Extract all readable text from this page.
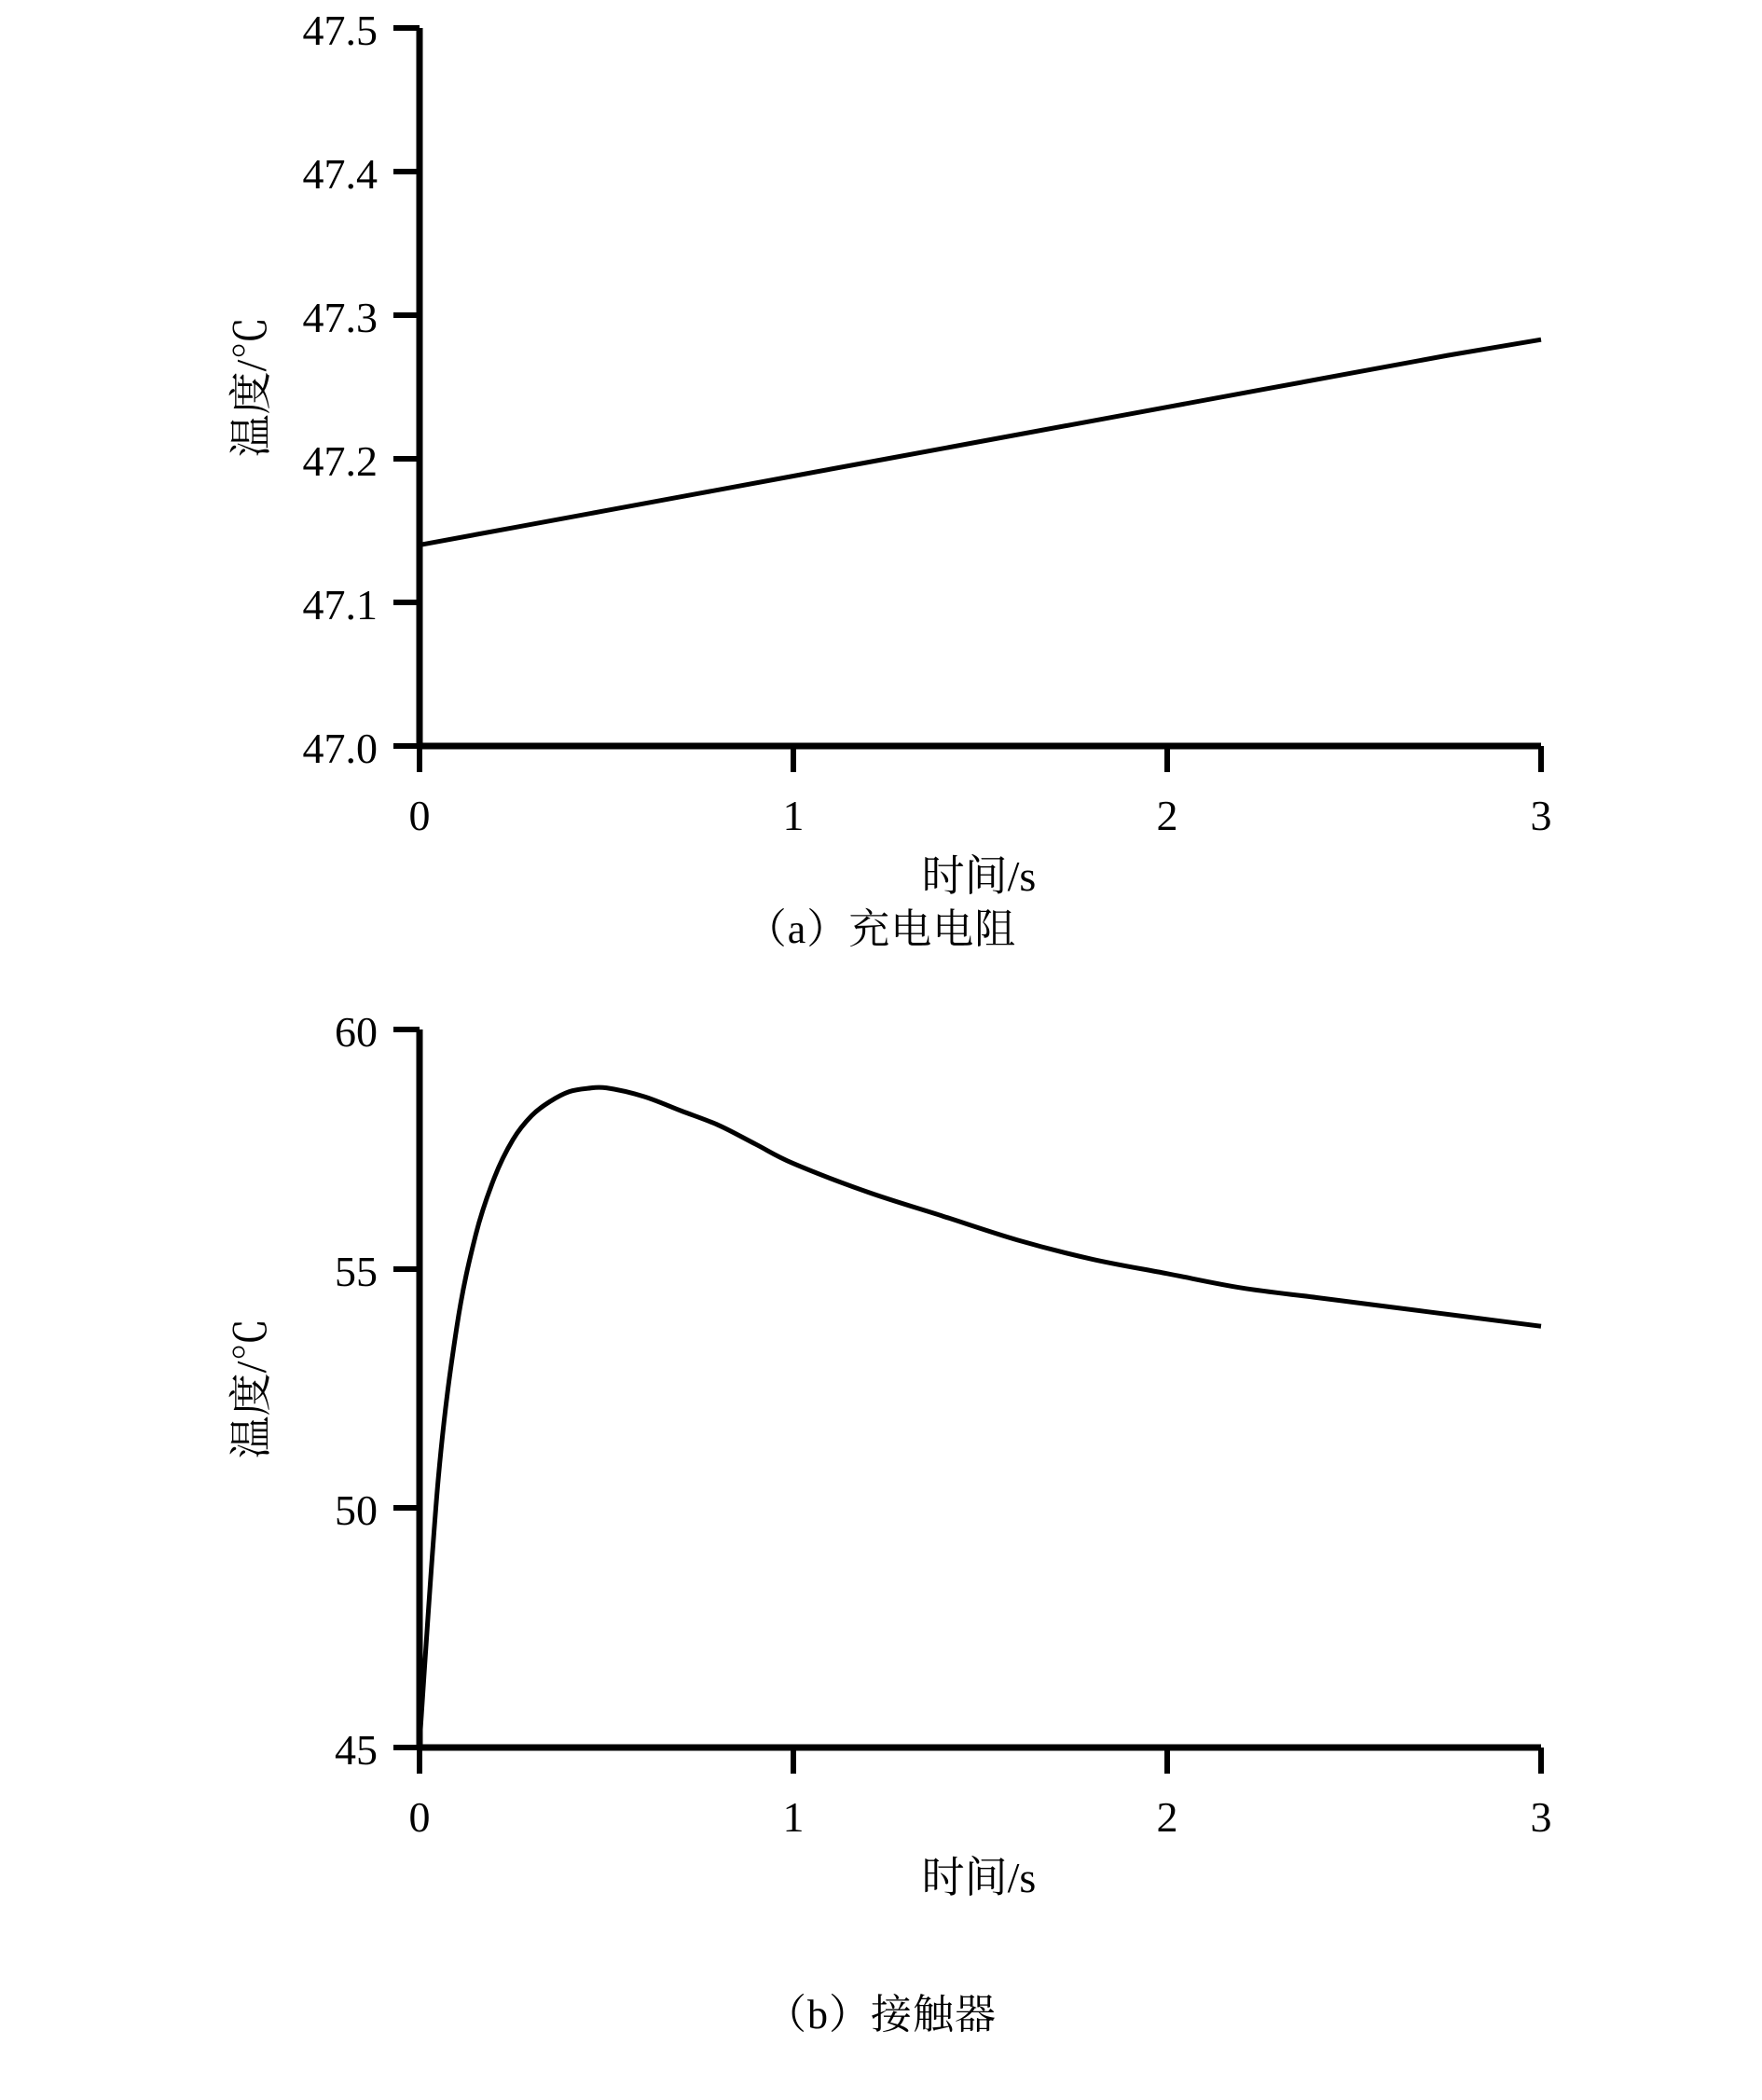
47.0
47.1
47.2
47.3
47.4
47.5
0	1	2	3
时间/s
温度/℃
（a）充电电阻
45
50
55
60
0	1	2	3
时间/s
温度/℃
（b）接触器
